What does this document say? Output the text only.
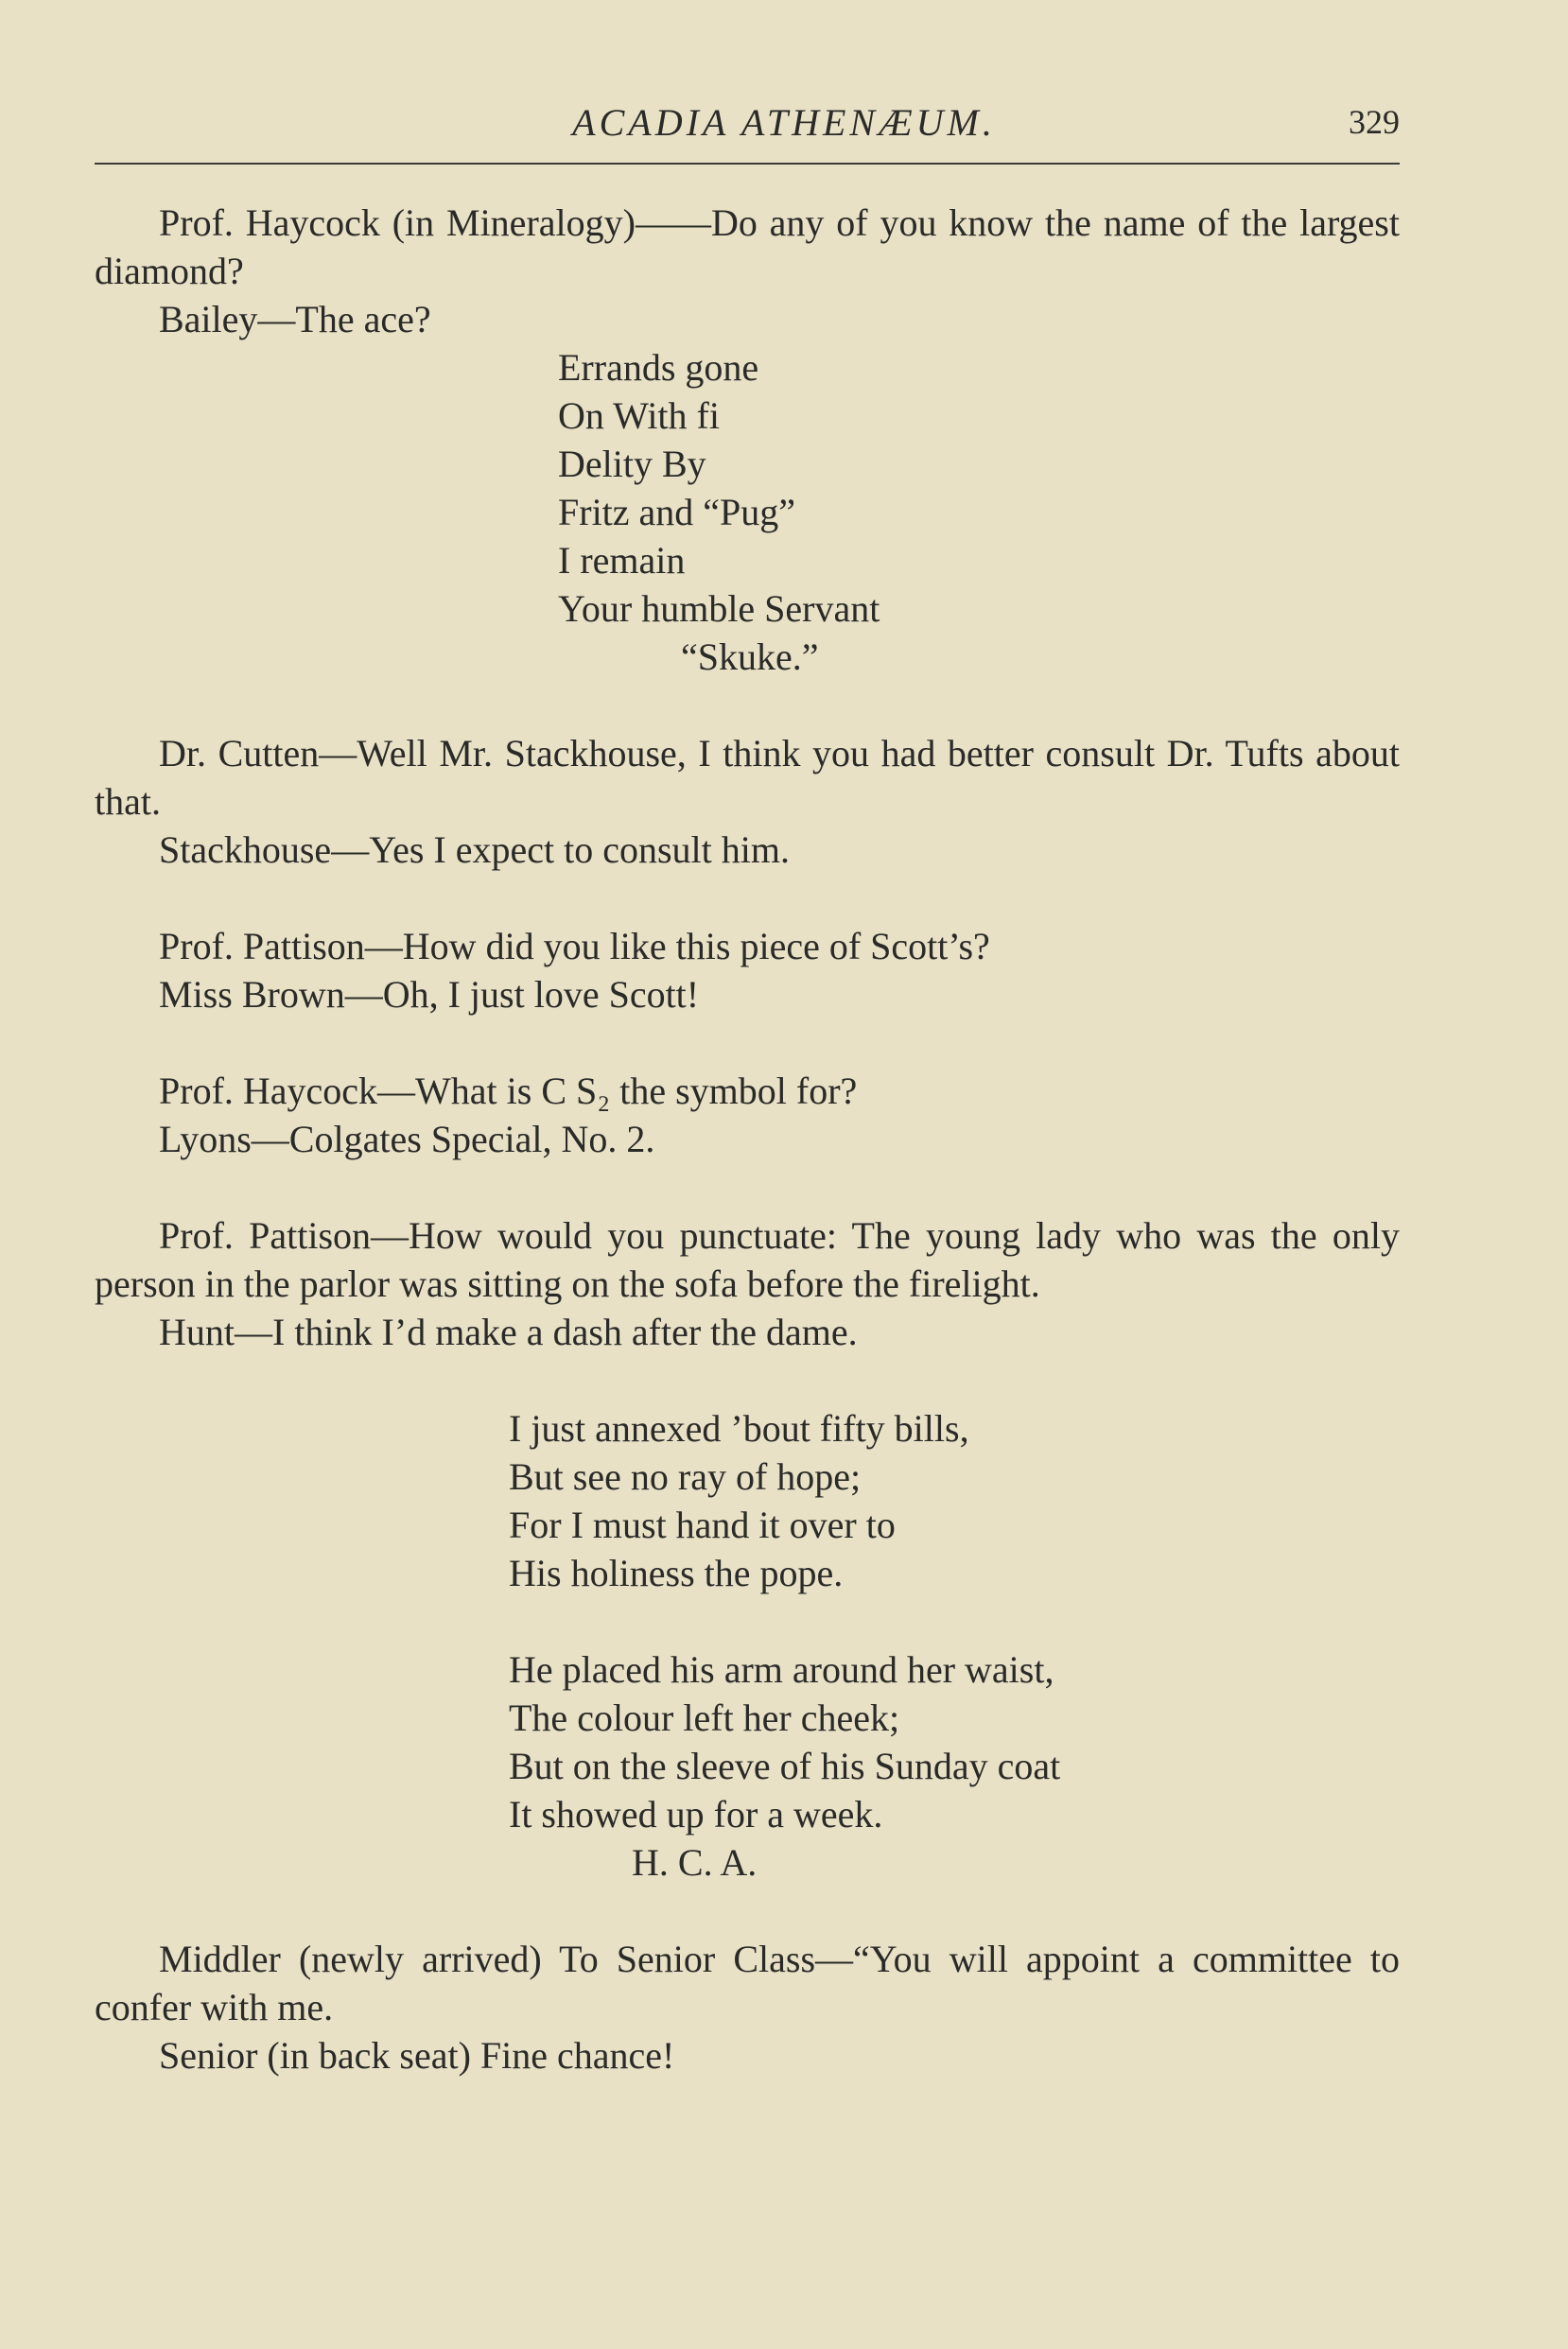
ACADIA ATHENÆUM.	329

Prof. Haycock (in Mineralogy)——Do any of you know the name of the largest diamond?

Bailey—The ace?

Errands gone
On With fi
Delity By
Fritz and “Pug”
I remain
Your humble Servant
“Skuke.”

Dr. Cutten—Well Mr. Stackhouse, I think you had better consult Dr. Tufts about that.

Stackhouse—Yes I expect to consult him.

Prof. Pattison—How did you like this piece of Scott’s?

Miss Brown—Oh, I just love Scott!

Prof. Haycock—What is C S₂ the symbol for?

Lyons—Colgates Special, No. 2.

Prof. Pattison—How would you punctuate: The young lady who was the only person in the parlor was sitting on the sofa before the firelight.

Hunt—I think I’d make a dash after the dame.

I just annexed ’bout fifty bills,
But see no ray of hope;
For I must hand it over to
His holiness the pope.
He placed his arm around her waist,
The colour left her cheek;
But on the sleeve of his Sunday coat
It showed up for a week.
H. C. A.

Middler (newly arrived) To Senior Class—“You will appoint a committee to confer with me.

Senior (in back seat) Fine chance!
